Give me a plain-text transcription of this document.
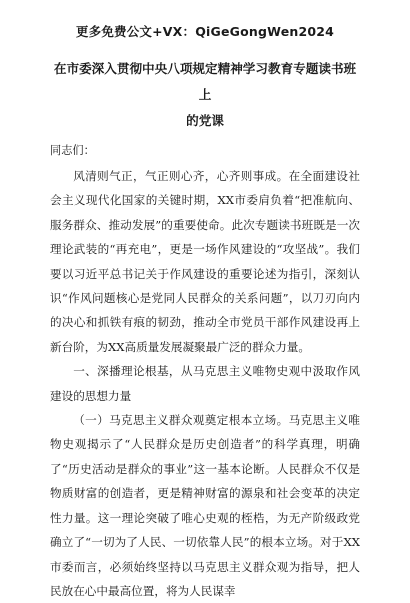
更多免费公文+VX：QiGeGongWen2024
在市委深入贯彻中央八项规定精神学习教育专题读书班上
的党课

同志们：

风清则气正，气正则心齐，心齐则事成。在全面建设社会主义现代化国家的关键时期，XX市委肩负着“把准航向、服务群众、推动发展”的重要使命。此次专题读书班既是一次理论武装的“再充电”，更是一场作风建设的“攻坚战”。我们要以习近平总书记关于作风建设的重要论述为指引，深刻认识“作风问题核心是党同人民群众的关系问题”，以刀刃向内的决心和抓铁有痕的韧劲，推动全市党员干部作风建设再上新台阶，为XX高质量发展凝聚最广泛的群众力量。

一、深播理论根基，从马克思主义唯物史观中汲取作风建设的思想力量

（一）马克思主义群众观奠定根本立场。马克思主义唯物史观揭示了“人民群众是历史创造者”的科学真理，明确了“历史活动是群众的事业”这一基本论断。人民群众不仅是物质财富的创造者，更是精神财富的源泉和社会变革的决定性力量。这一理论突破了唯心史观的桎梏，为无产阶级政党确立了“一切为了人民、一切依靠人民”的根本立场。对于XX市委而言，必须始终坚持以马克思主义群众观为指导，把人民放在心中最高位置，将为人民谋幸
